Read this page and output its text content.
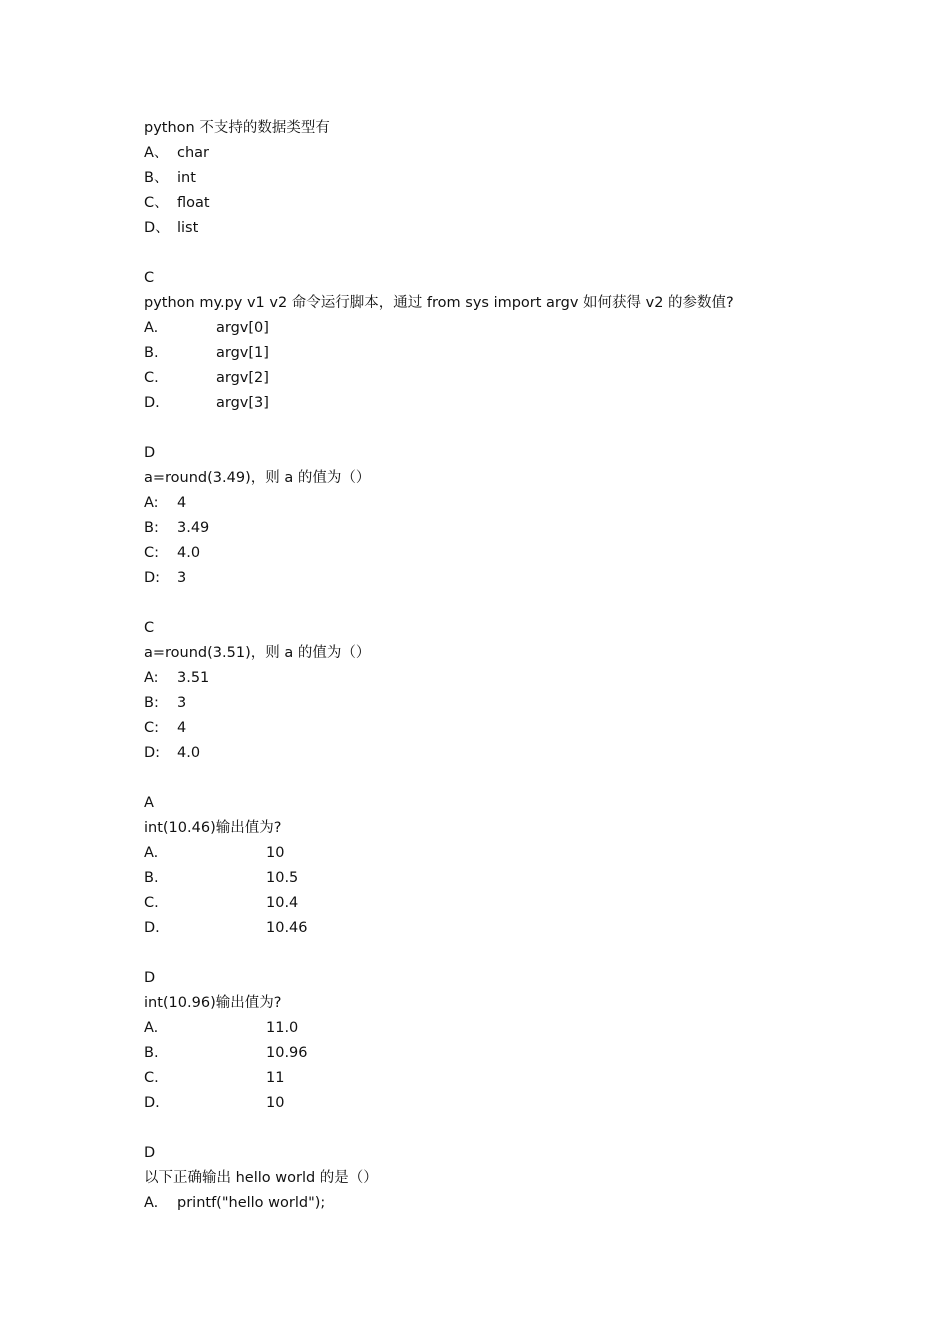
python 不支持的数据类型有
A、 char
B、 int
C、 float
D、 list
C
python my.py v1 v2 命令运行脚本，通过 from sys import argv 如何获得 v2 的参数值?
A.	argv[0]
B.	argv[1]
C.	argv[2]
D.	argv[3]
D
a=round(3.49)，则 a 的值为（）
A: 4
B: 3.49
C: 4.0
D: 3
C
a=round(3.51)，则 a 的值为（）
A: 3.51
B: 3
C: 4
D: 4.0
A
int(10.46)输出值为?
A.	10
B.	10.5
C.	10.4
D.	10.46
D
int(10.96)输出值为?
A.	11.0
B.	10.96
C.	11
D.	10
D
以下正确输出 hello world 的是（）
A. printf("hello world");
